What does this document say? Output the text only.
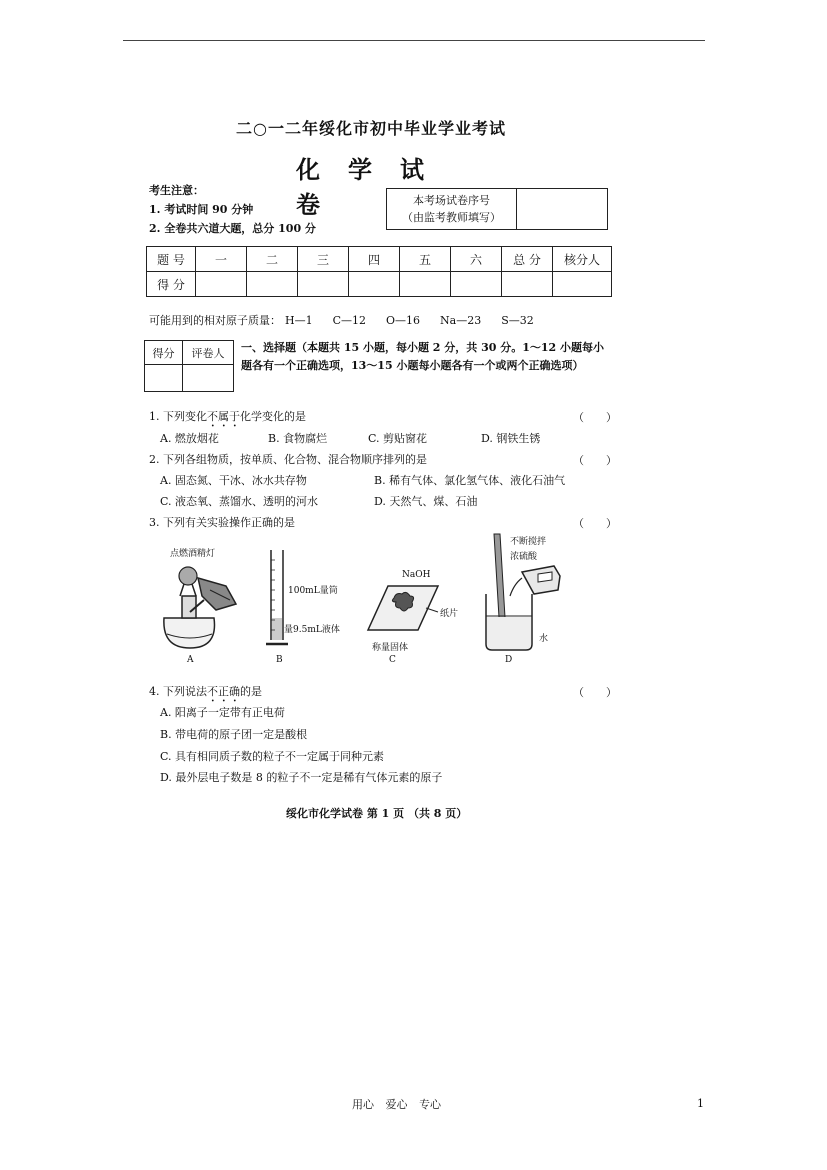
二○一二年绥化市初中毕业学业考试
化学试卷
考生注意：
1. 考试时间 90 分钟
2. 全卷共六道大题，总分 100 分
本考场试卷序号
（由监考教师填写）
题 号	一	二	三	四	五	六	总 分	核分人
得 分								
可能用到的相对原子质量： H—1 C—12 O—16 Na—23 S—32
得分	评卷人
	一、选择题（本题共 15 小题，每小题 2 分，共 30 分。1～12 小题每小
题各有一个正确选项，13～15 小题每小题各有一个或两个正确选项）
1. 下列变化不属于化学变化的是	（　　）
A. 燃放烟花	B. 食物腐烂	C. 剪贴窗花	D. 钢铁生锈
2. 下列各组物质，按单质、化合物、混合物顺序排列的是	（　　）
A. 固态氮、干冰、冰水共存物	B. 稀有气体、氯化氢气体、液化石油气
C. 液态氧、蒸馏水、透明的河水	D. 天然气、煤、石油
3. 下列有关实验操作正确的是	（　　）
点燃酒精灯
A
100mL量筒
量9.5mL液体
B
NaOH
纸片
称量固体
C
不断搅拌
浓硫酸
水
D
4. 下列说法不正确的是	（　　）
A. 阳离子一定带有正电荷
B. 带电荷的原子团一定是酸根
C. 具有相同质子数的粒子不一定属于同种元素
D. 最外层电子数是 8 的粒子不一定是稀有气体元素的原子
绥化市化学试卷 第 1 页 （共 8 页）
用心 爱心 专心	1
